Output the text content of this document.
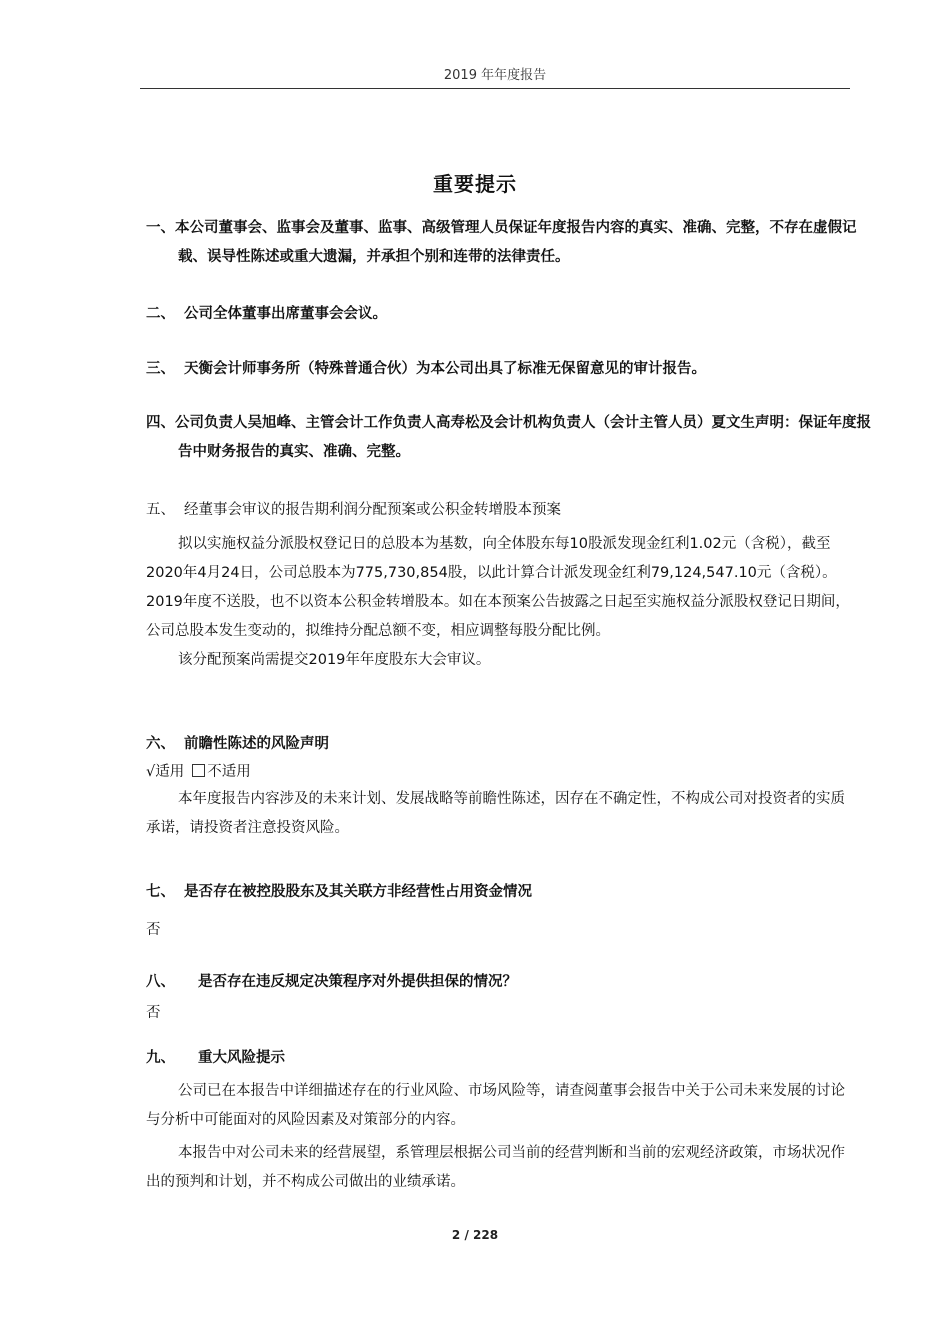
2019 年年度报告
重要提示
一、本公司董事会、监事会及董事、监事、高级管理人员保证年度报告内容的真实、准确、完整，不存在虚假记载、误导性陈述或重大遗漏，并承担个别和连带的法律责任。
二、 公司全体董事出席董事会会议。
三、 天衡会计师事务所（特殊普通合伙）为本公司出具了标准无保留意见的审计报告。
四、公司负责人吴旭峰、主管会计工作负责人高寿松及会计机构负责人（会计主管人员）夏文生声明：保证年度报告中财务报告的真实、准确、完整。

五、 经董事会审议的报告期利润分配预案或公积金转增股本预案

拟以实施权益分派股权登记日的总股本为基数，向全体股东每10股派发现金红利1.02元（含税），截至2020年4月24日，公司总股本为775,730,854股，以此计算合计派发现金红利79,124,547.10元（含税）。2019年度不送股，也不以资本公积金转增股本。如在本预案公告披露之日起至实施权益分派股权登记日期间，公司总股本发生变动的，拟维持分配总额不变，相应调整每股分配比例。

该分配预案尚需提交2019年年度股东大会审议。

六、 前瞻性陈述的风险声明

√适用 不适用

本年度报告内容涉及的未来计划、发展战略等前瞻性陈述，因存在不确定性，不构成公司对投资者的实质承诺，请投资者注意投资风险。

七、 是否存在被控股股东及其关联方非经营性占用资金情况

否

八、 是否存在违反规定决策程序对外提供担保的情况？

否

九、 重大风险提示

公司已在本报告中详细描述存在的行业风险、市场风险等，请查阅董事会报告中关于公司未来发展的讨论与分析中可能面对的风险因素及对策部分的内容。

本报告中对公司未来的经营展望，系管理层根据公司当前的经营判断和当前的宏观经济政策，市场状况作出的预判和计划，并不构成公司做出的业绩承诺。

2 / 228
